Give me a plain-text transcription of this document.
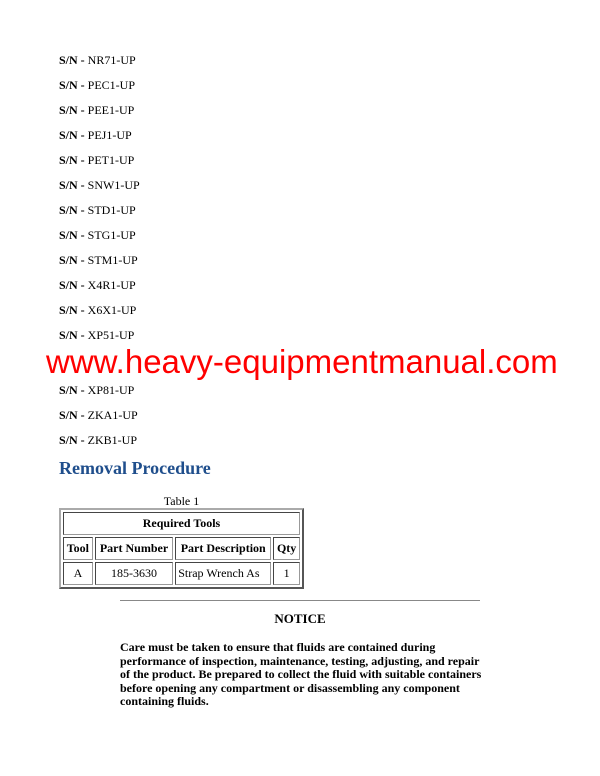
S/N - NR71-UP
S/N - PEC1-UP
S/N - PEE1-UP
S/N - PEJ1-UP
S/N - PET1-UP
S/N - SNW1-UP
S/N - STD1-UP
S/N - STG1-UP
S/N - STM1-UP
S/N - X4R1-UP
S/N - X6X1-UP
S/N - XP51-UP
S/N - XP81-UP
S/N - ZKA1-UP
S/N - ZKB1-UP
www.heavy-equipmentmanual.com
Removal Procedure
Table 1
Required Tools			
Tool	Part Number	Part Description	Qty
A	185-3630	Strap Wrench As	1
NOTICE
Care must be taken to ensure that fluids are contained during performance of inspection, maintenance, testing, adjusting, and repair of the product. Be prepared to collect the fluid with suitable containers before opening any compartment or disassembling any component containing fluids.
